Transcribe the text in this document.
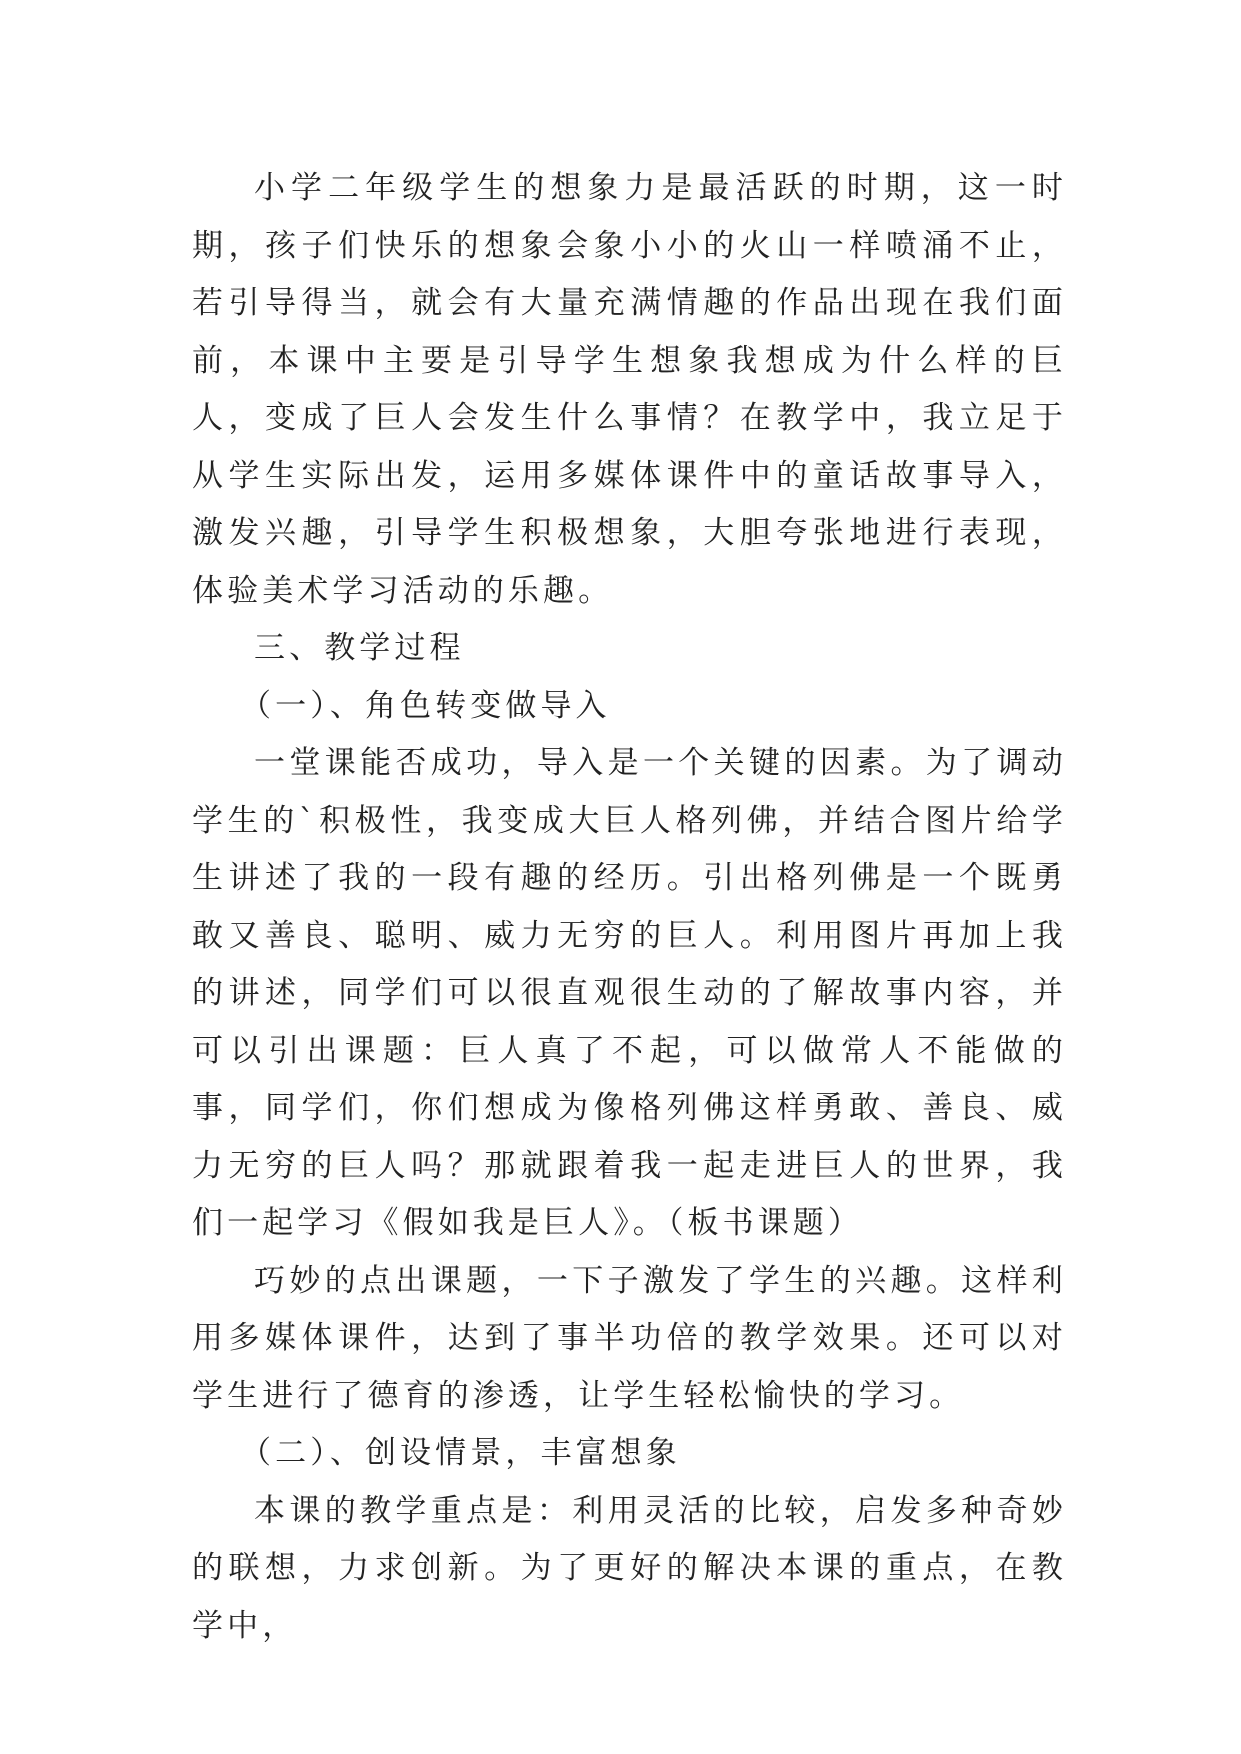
小学二年级学生的想象力是最活跃的时期，这一时期，孩子们快乐的想象会象小小的火山一样喷涌不止，若引导得当，就会有大量充满情趣的作品出现在我们面前，本课中主要是引导学生想象我想成为什么样的巨人，变成了巨人会发生什么事情？在教学中，我立足于从学生实际出发，运用多媒体课件中的童话故事导入，激发兴趣，引导学生积极想象，大胆夸张地进行表现，体验美术学习活动的乐趣。

三、教学过程

（一）、角色转变做导入

一堂课能否成功，导入是一个关键的因素。为了调动学生的`积极性，我变成大巨人格列佛，并结合图片给学生讲述了我的一段有趣的经历。引出格列佛是一个既勇敢又善良、聪明、威力无穷的巨人。利用图片再加上我的讲述，同学们可以很直观很生动的了解故事内容，并可以引出课题：巨人真了不起，可以做常人不能做的事，同学们，你们想成为像格列佛这样勇敢、善良、威力无穷的巨人吗？那就跟着我一起走进巨人的世界，我们一起学习《假如我是巨人》。（板书课题）

巧妙的点出课题，一下子激发了学生的兴趣。这样利用多媒体课件，达到了事半功倍的教学效果。还可以对学生进行了德育的渗透，让学生轻松愉快的学习。

（二）、创设情景，丰富想象

本课的教学重点是：利用灵活的比较，启发多种奇妙的联想，力求创新。为了更好的解决本课的重点，在教学中，
